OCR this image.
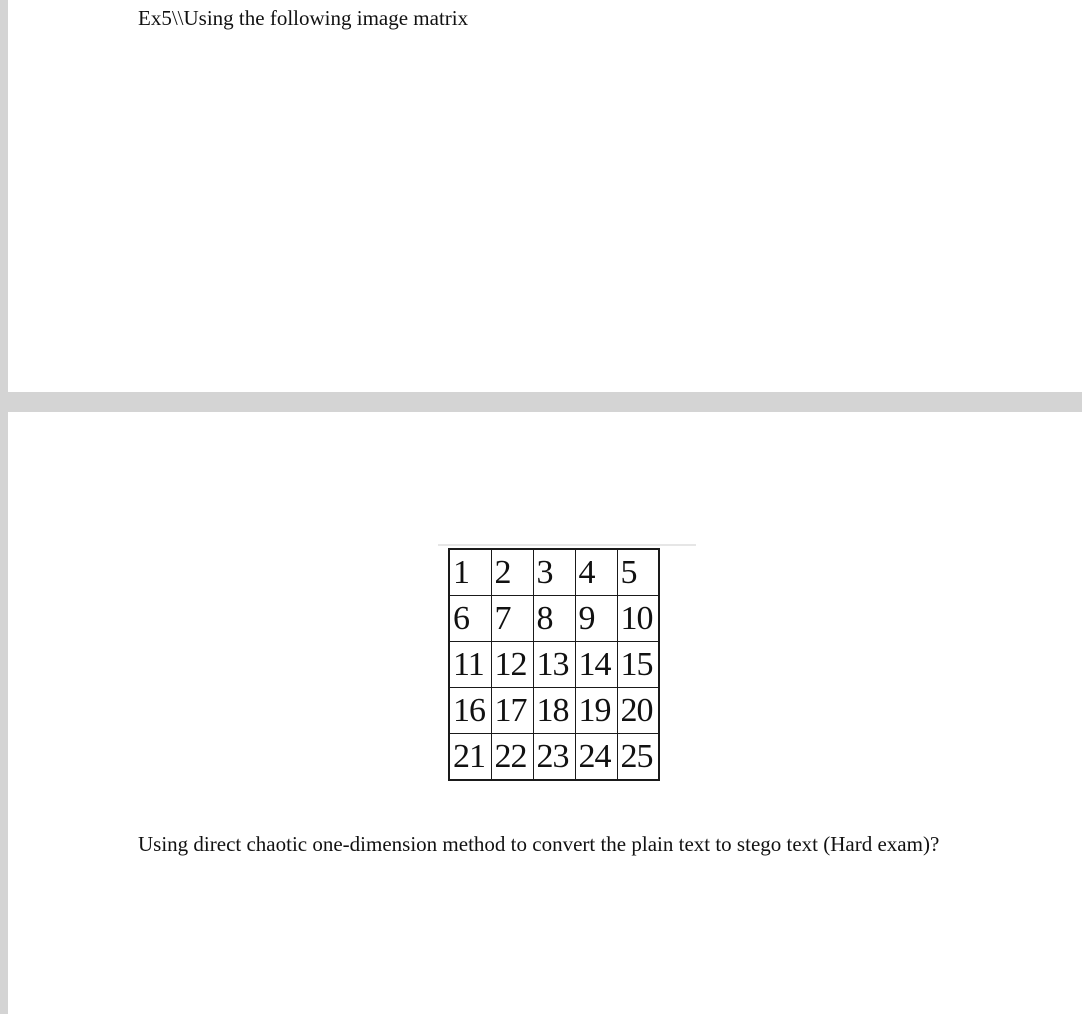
Ex5\\Using the following image matrix
1	2	3	4	5
6	7	8	9	10
11	12	13	14	15
16	17	18	19	20
21	22	23	24	25
Using direct chaotic one-dimension method to convert the plain text to stego text (Hard exam)?
